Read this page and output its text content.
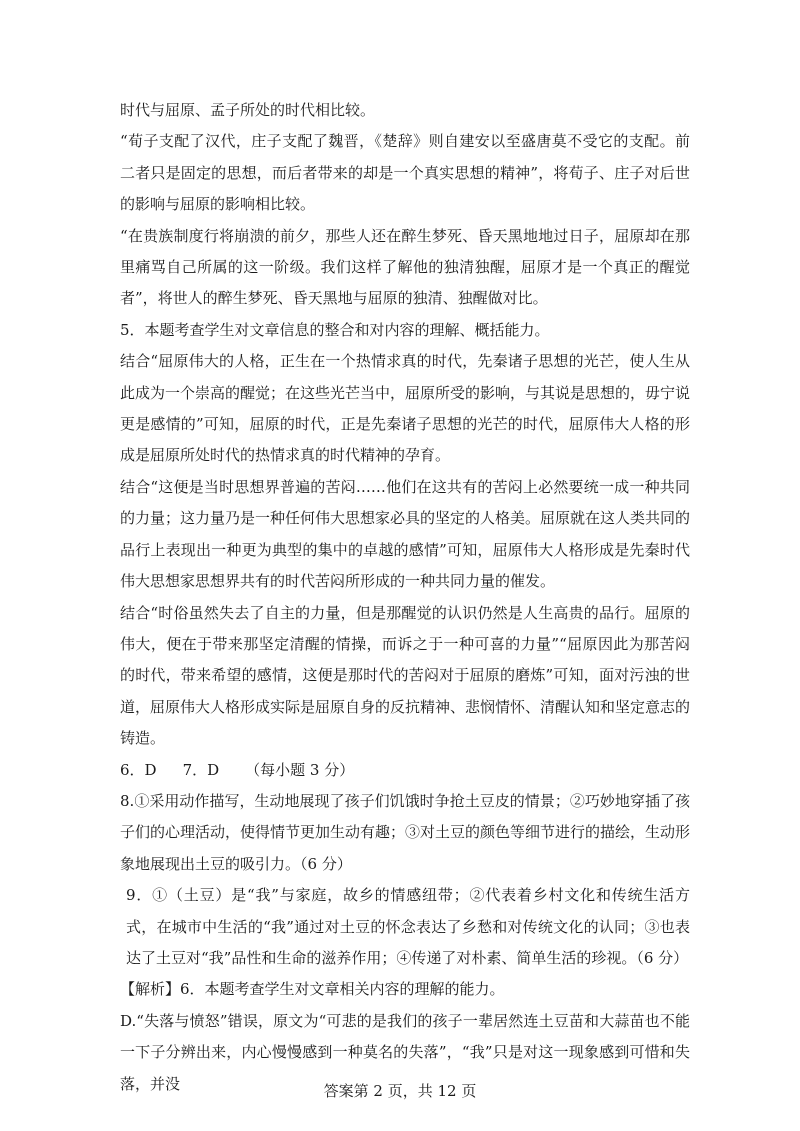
时代与屈原、孟子所处的时代相比较。

“荀子支配了汉代，庄子支配了魏晋，《楚辞》则自建安以至盛唐莫不受它的支配。前二者只是固定的思想，而后者带来的却是一个真实思想的精神”，将荀子、庄子对后世的影响与屈原的影响相比较。

“在贵族制度行将崩溃的前夕，那些人还在醉生梦死、昏天黑地地过日子，屈原却在那里痛骂自己所属的这一阶级。我们这样了解他的独清独醒，屈原才是一个真正的醒觉者”，将世人的醉生梦死、昏天黑地与屈原的独清、独醒做对比。

5．本题考查学生对文章信息的整合和对内容的理解、概括能力。

结合“屈原伟大的人格，正生在一个热情求真的时代，先秦诸子思想的光芒，使人生从此成为一个崇高的醒觉；在这些光芒当中，屈原所受的影响，与其说是思想的，毋宁说更是感情的”可知，屈原的时代，正是先秦诸子思想的光芒的时代，屈原伟大人格的形成是屈原所处时代的热情求真的时代精神的孕育。

结合“这便是当时思想界普遍的苦闷……他们在这共有的苦闷上必然要统一成一种共同的力量；这力量乃是一种任何伟大思想家必具的坚定的人格美。屈原就在这人类共同的品行上表现出一种更为典型的集中的卓越的感情”可知，屈原伟大人格形成是先秦时代伟大思想家思想界共有的时代苦闷所形成的一种共同力量的催发。

结合“时俗虽然失去了自主的力量，但是那醒觉的认识仍然是人生高贵的品行。屈原的伟大，便在于带来那坚定清醒的情操，而诉之于一种可喜的力量”“屈原因此为那苦闷的时代，带来希望的感情，这便是那时代的苦闷对于屈原的磨炼”可知，面对污浊的世道，屈原伟大人格形成实际是屈原自身的反抗精神、悲悯情怀、清醒认知和坚定意志的铸造。

6．D 7．D （每小题 3 分）

8.①采用动作描写，生动地展现了孩子们饥饿时争抢土豆皮的情景；②巧妙地穿插了孩子们的心理活动，使得情节更加生动有趣；③对土豆的颜色等细节进行的描绘，生动形象地展现出土豆的吸引力。（6 分）

9．①（土豆）是“我”与家庭，故乡的情感纽带；②代表着乡村文化和传统生活方式，在城市中生活的“我”通过对土豆的怀念表达了乡愁和对传统文化的认同；③也表达了土豆对“我”品性和生命的滋养作用；④传递了对朴素、简单生活的珍视。（6 分）

【解析】6．本题考查学生对文章相关内容的理解的能力。

D.“失落与愤怒”错误，原文为“可悲的是我们的孩子一辈居然连土豆苗和大蒜苗也不能一下子分辨出来，内心慢慢感到一种莫名的失落”，“我”只是对这一现象感到可惜和失落，并没	答案第 2 页，共 12 页
